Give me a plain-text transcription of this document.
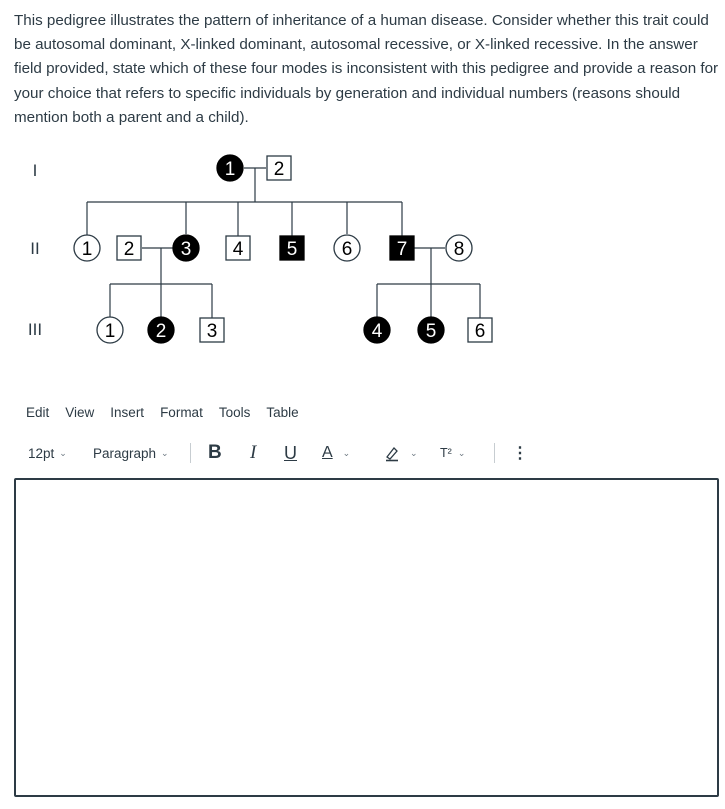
This pedigree illustrates the pattern of inheritance of a human disease. Consider whether this trait could be autosomal dominant, X-linked dominant, autosomal recessive, or X-linked recessive. In the answer field provided, state which of these four modes is inconsistent with this pedigree and provide a reason for your choice that refers to specific individuals by generation and individual numbers (reasons should mention both a parent and a child).

I
II
III
1 2
1 2 3 4 5 6 7 8
1 2 3	4 5 6
Edit View Insert Format Tools Table
12pt ⌄ Paragraph ⌄ B I U A ⌄	⌄ T² ⌄	⋮
